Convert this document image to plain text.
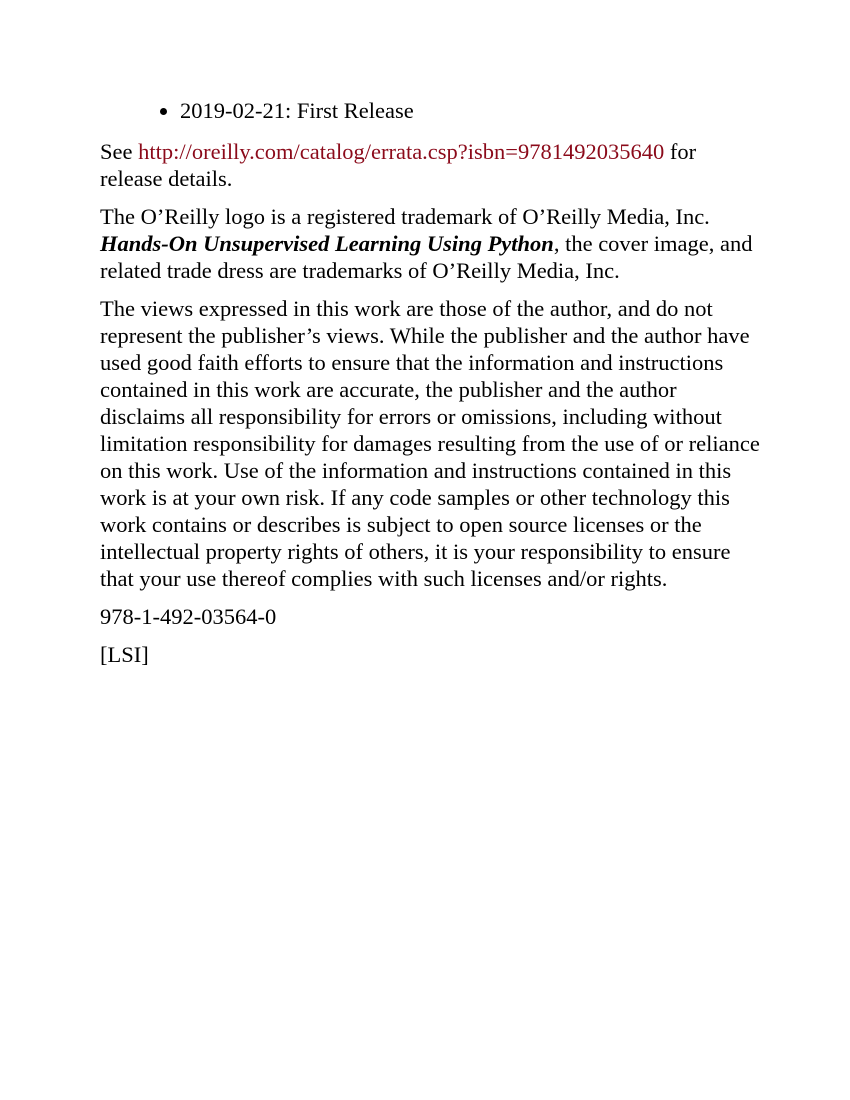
2019-02-21: First Release

See http://oreilly.com/catalog/errata.csp?isbn=9781492035640 for release details.

The O’Reilly logo is a registered trademark of O’Reilly Media, Inc. Hands-On Unsupervised Learning Using Python, the cover image, and related trade dress are trademarks of O’Reilly Media, Inc.

The views expressed in this work are those of the author, and do not represent the publisher’s views. While the publisher and the author have used good faith efforts to ensure that the information and instructions contained in this work are accurate, the publisher and the author disclaims all responsibility for errors or omissions, including without limitation responsibility for damages resulting from the use of or reliance on this work. Use of the information and instructions contained in this work is at your own risk. If any code samples or other technology this work contains or describes is subject to open source licenses or the intellectual property rights of others, it is your responsibility to ensure that your use thereof complies with such licenses and/or rights.

978-1-492-03564-0

[LSI]
